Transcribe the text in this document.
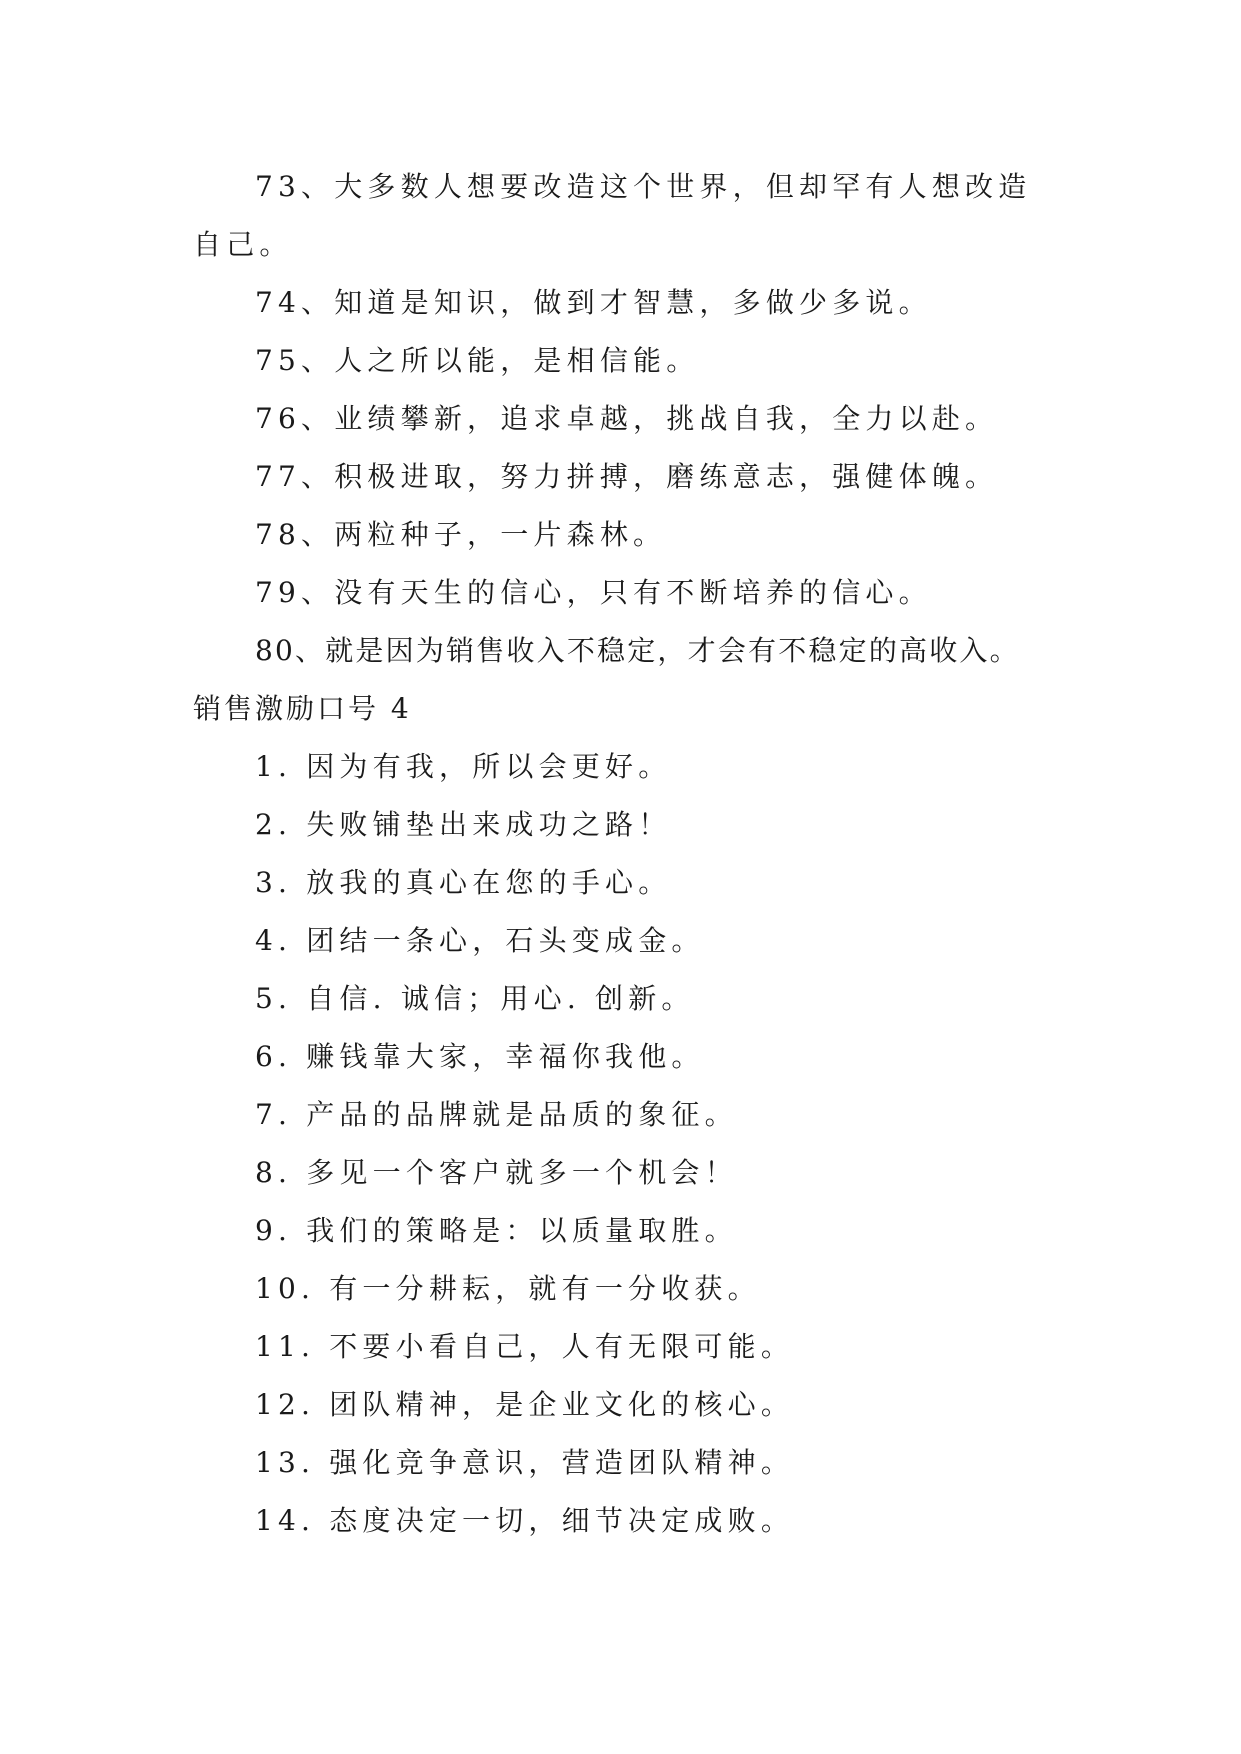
73、大多数人想要改造这个世界，但却罕有人想改造自己。
74、知道是知识，做到才智慧，多做少多说。
75、人之所以能，是相信能。
76、业绩攀新，追求卓越，挑战自我，全力以赴。
77、积极进取，努力拼搏，磨练意志，强健体魄。
78、两粒种子，一片森林。
79、没有天生的信心，只有不断培养的信心。
80、就是因为销售收入不稳定，才会有不稳定的高收入。
销售激励口号 4
1. 因为有我，所以会更好。
2. 失败铺垫出来成功之路！
3. 放我的真心在您的手心。
4. 团结一条心，石头变成金。
5. 自信. 诚信；用心. 创新。
6. 赚钱靠大家，幸福你我他。
7. 产品的品牌就是品质的象征。
8. 多见一个客户就多一个机会！
9. 我们的策略是：以质量取胜。
10. 有一分耕耘，就有一分收获。
11. 不要小看自己，人有无限可能。
12. 团队精神，是企业文化的核心。
13. 强化竞争意识，营造团队精神。
14. 态度决定一切，细节决定成败。
